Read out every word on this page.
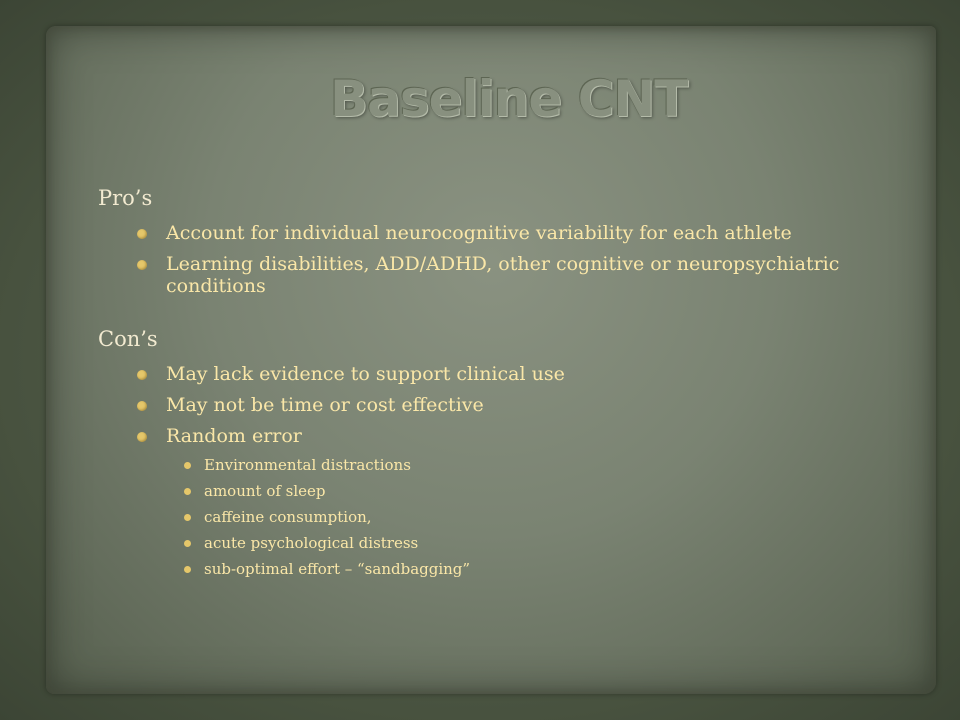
Baseline CNT
Pro’s
Account for individual neurocognitive variability for each athlete
Learning disabilities, ADD/ADHD, other cognitive or neuropsychiatric conditions
Con’s
May lack evidence to support clinical use
May not be time or cost effective
Random error
Environmental distractions
amount of sleep
caffeine consumption,
acute psychological distress
sub-optimal effort – “sandbagging”
